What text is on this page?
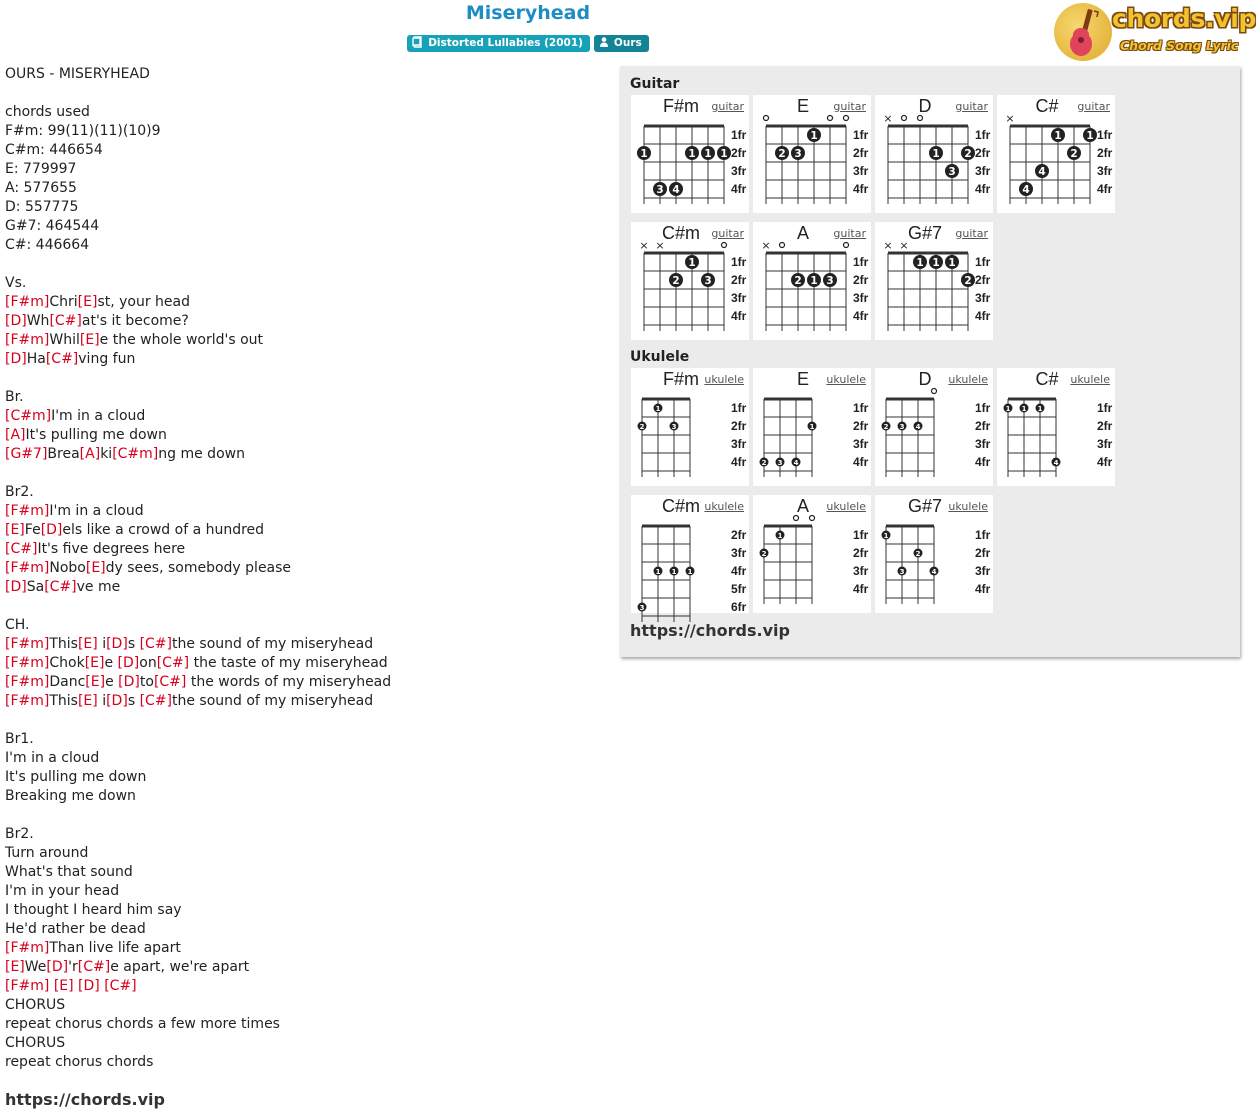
Miseryhead
Distorted Lullabies (2001)	Ours
chords.vip
Chord Song Lyric
OURS - MISERYHEAD
chords used
F#m: 99(11)(11)(10)9
C#m: 446654
E: 779997
A: 577655
D: 557775
G#7: 464544
C#: 446664
Vs.
[F#m]Chri[E]st, your head
[D]Wh[C#]at's it become?
[F#m]Whil[E]e the whole world's out
[D]Ha[C#]ving fun
Br.
[C#m]I'm in a cloud
[A]It's pulling me down
[G#7]Brea[A]ki[C#m]ng me down
Br2.
[F#m]I'm in a cloud
[E]Fe[D]els like a crowd of a hundred
[C#]It's five degrees here
[F#m]Nobo[E]dy sees, somebody please
[D]Sa[C#]ve me
CH.
[F#m]This[E] i[D]s [C#]the sound of my miseryhead
[F#m]Chok[E]e [D]on[C#] the taste of my miseryhead
[F#m]Danc[E]e [D]to[C#] the words of my miseryhead
[F#m]This[E] i[D]s [C#]the sound of my miseryhead
Br1.
I'm in a cloud
It's pulling me down
Breaking me down
Br2.
Turn around
What's that sound
I'm in your head
I thought I heard him say
He'd rather be dead
[F#m]Than live life apart
[E]We[D]'r[C#]e apart, we're apart
[F#m] [E] [D] [C#]
CHORUS
repeat chorus chords a few more times
CHORUS
repeat chorus chords
https://chords.vip
Guitar
Ukulele
https://chords.vip
1fr
2fr
3fr
4fr
1	1 1 1
3 4
F#m	guitar
1fr
2fr
3fr
4fr
1
2 3
E	guitar
1fr
2fr
3fr
4fr
×
1 2
3
D	guitar
1fr
2fr
3fr
4fr
×
1 1
2
4
4
C#	guitar
1fr
2fr
3fr
4fr
× ×
1
2 3
C#m	guitar
1fr
2fr
3fr
4fr
×
2 1 3
A	guitar
1fr
2fr
3fr
4fr
× ×
1 1 1
2
G#7	guitar
1fr
2fr
3fr
4fr
1
2	3
F#m ukulele
1fr
2fr
3fr
4fr
1
2 3 4
E	ukulele
1fr
2fr
3fr
4fr
2 3 4
D	ukulele
1fr
2fr
3fr
4fr
1 1 1
4
C#	ukulele
2fr
3fr
4fr
5fr
6fr
1 1 1
3
C#m ukulele
1fr
2fr
3fr
4fr
1
2
A	ukulele
1fr
2fr
3fr
4fr
1
2
3	4
G#7 ukulele
